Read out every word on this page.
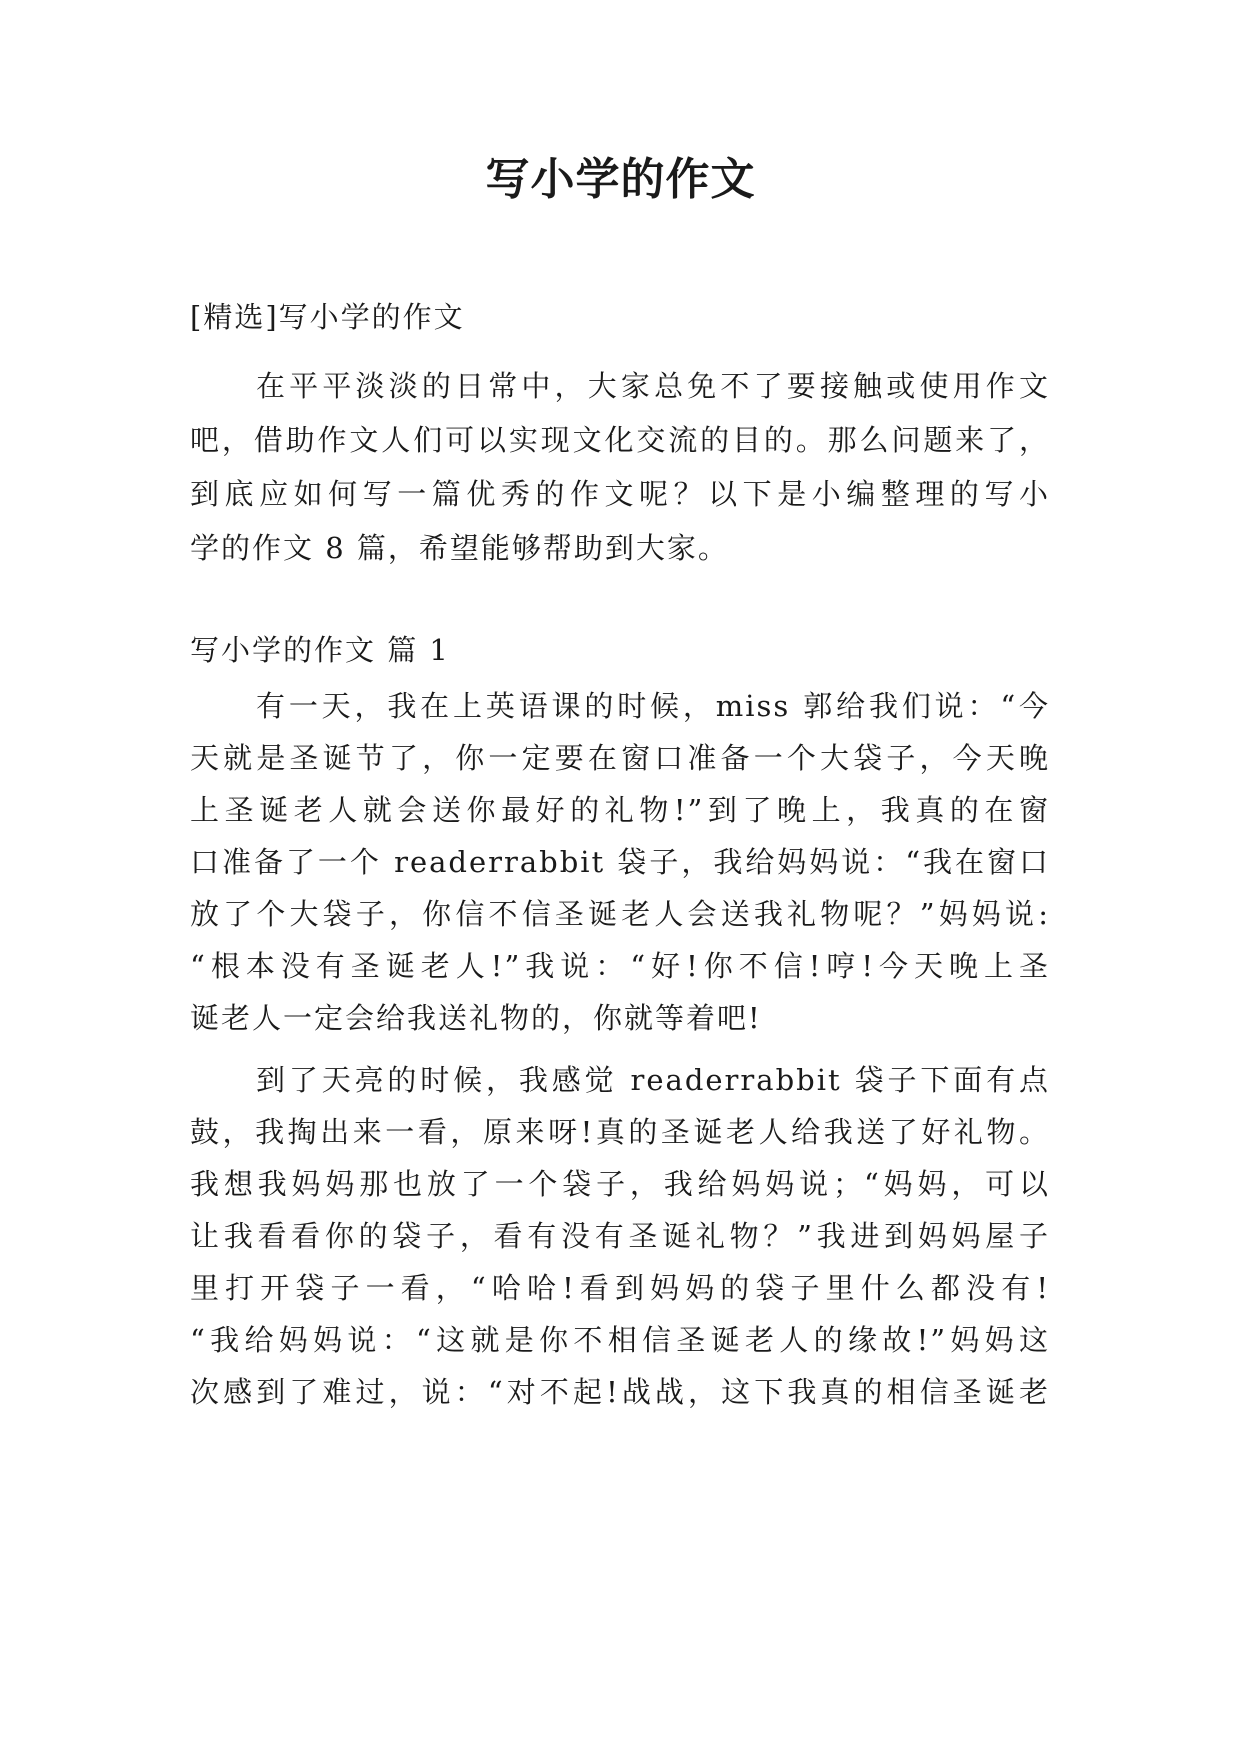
写小学的作文

[精选]写小学的作文

在平平淡淡的日常中，大家总免不了要接触或使用作文

吧，借助作文人们可以实现文化交流的目的。那么问题来了，

到底应如何写一篇优秀的作文呢？以下是小编整理的写小

学的作文 8 篇，希望能够帮助到大家。

写小学的作文 篇 1

有一天，我在上英语课的时候，miss 郭给我们说：“今

天就是圣诞节了，你一定要在窗口准备一个大袋子，今天晚

上圣诞老人就会送你最好的礼物!”到了晚上，我真的在窗

口准备了一个 readerrabbit 袋子，我给妈妈说：“我在窗口

放了个大袋子，你信不信圣诞老人会送我礼物呢？”妈妈说:

“根本没有圣诞老人!”我说：“好!你不信!哼!今天晚上圣

诞老人一定会给我送礼物的，你就等着吧!

到了天亮的时候，我感觉 readerrabbit 袋子下面有点

鼓，我掏出来一看，原来呀!真的圣诞老人给我送了好礼物。

我想我妈妈那也放了一个袋子，我给妈妈说；“妈妈，可以

让我看看你的袋子，看有没有圣诞礼物？”我进到妈妈屋子

里打开袋子一看，“哈哈!看到妈妈的袋子里什么都没有!

“我给妈妈说：“这就是你不相信圣诞老人的缘故!”妈妈这

次感到了难过，说：“对不起!战战，这下我真的相信圣诞老
